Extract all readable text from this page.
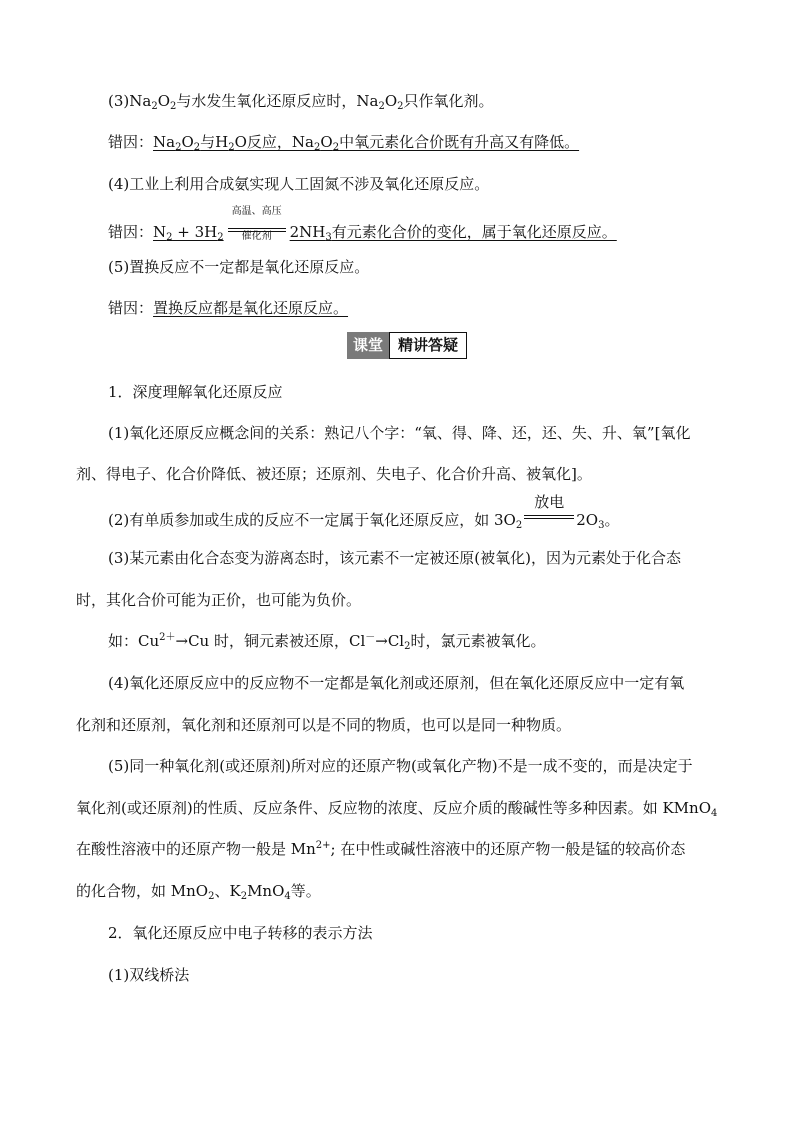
$(3)Na_2O_2$与水发生氧化还原反应时，$Na_2O_2$只作氧化剂。
错因：$Na_2O_2$与$H_2O$反应，$Na_2O_2$中氧元素化合价既有升高又有降低。
(4)工业上利用合成氨实现人工固氮不涉及氧化还原反应。
错因：$N_2 + 3H_2$
高温、高压
催化剂	$2NH_3$有元素化合价的变化，属于氧化还原反应。
(5)置换反应不一定都是氧化还原反应。
错因：置换反应都是氧化还原反应。
课堂	精讲答疑
1．深度理解氧化还原反应
(1)氧化还原反应概念间的关系：熟记八个字：“氧、得、降、还，还、失、升、氧”[氧化
剂、得电子、化合价降低、被还原；还原剂、失电子、化合价升高、被氧化]。
(2)有单质参加或生成的反应不一定属于氧化还原反应，如 $3O_2$
放电
$2O_3$。
(3)某元素由化合态变为游离态时，该元素不一定被还原(被氧化)，因为元素处于化合态
时，其化合价可能为正价，也可能为负价。
如：$Cu^{2+}\to Cu$ 时，铜元素被还原，$Cl^-\to Cl_2$时，氯元素被氧化。
(4)氧化还原反应中的反应物不一定都是氧化剂或还原剂，但在氧化还原反应中一定有氧
化剂和还原剂，氧化剂和还原剂可以是不同的物质，也可以是同一种物质。
(5)同一种氧化剂(或还原剂)所对应的还原产物(或氧化产物)不是一成不变的，而是决定于
氧化剂(或还原剂)的性质、反应条件、反应物的浓度、反应介质的酸碱性等多种因素。如 KMnO$_4$
在酸性溶液中的还原产物一般是 $Mn^{2+}$; 在中性或碱性溶液中的还原产物一般是锰的较高价态
的化合物，如 MnO$_2$、$K_2MnO_4$等。
2．氧化还原反应中电子转移的表示方法
(1)双线桥法
